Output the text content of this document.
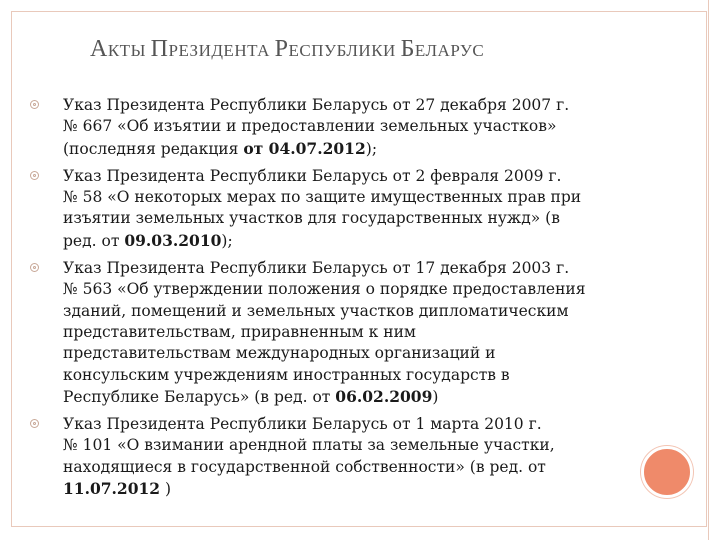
АКТЫ ПРЕЗИДЕНТА РЕСПУБЛИКИ БЕЛАРУС
Указ Президента Республики Беларусь от 27 декабря 2007 г.
№ 667 «Об изъятии и предоставлении земельных участков»
(последняя редакция от 04.07.2012);
Указ Президента Республики Беларусь от 2 февраля 2009 г.
№ 58 «О некоторых мерах по защите имущественных прав при
изъятии земельных участков для государственных нужд» (в
ред. от 09.03.2010);
Указ Президента Республики Беларусь от 17 декабря 2003 г.
№ 563 «Об утверждении положения о порядке предоставления
зданий, помещений и земельных участков дипломатическим
представительствам, приравненным к ним
представительствам международных организаций и
консульским учреждениям иностранных государств в
Республике Беларусь» (в ред. от 06.02.2009)
Указ Президента Республики Беларусь от 1 марта 2010 г.
№ 101 «О взимании арендной платы за земельные участки,
находящиеся в государственной собственности» (в ред. от
11.07.2012 )
